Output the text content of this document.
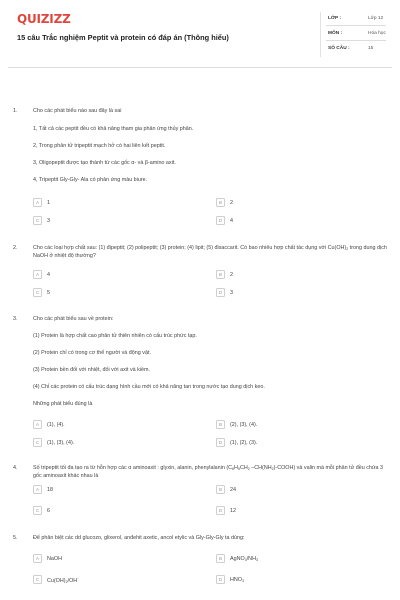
QUIZIZZ
15 câu Trắc nghiệm Peptit và protein có đáp án (Thông hiểu)
LỚP :	Lớp 12
MÔN :	Hóa học
SỐ CÂU :	15
1.	Cho các phát biểu nào sau đây là sai
1, Tất cả các peptit đều có khả năng tham gia phản ứng thủy phân.
2, Trong phân tử tripeptit mạch hở có hai liên kết peptit.
3, Oligopeptit được tạo thành từ các gốc α- và β-amino axit.
4, Tripeptit Gly-Gly- Ala có phản ứng màu biure.
A	1	B	2
C	3	D	4
2.	Cho các loại hợp chất sau: (1) đipeptit; (2) polipeptit; (3) protein; (4) lipit; (5) đisaccarit. Có bao nhiêu hợp chất tác dụng với $Cu(OH)_2$ trong dung dịch NaOH ở nhiệt độ thường?
A	4	B	2
C	5	D	3
3.	Cho các phát biểu sau về protein:
(1) Protein là hợp chất cao phân tử thiên nhiên có cấu trúc phức tạp.
(2) Protein chỉ có trong cơ thể người và động vật.
(3) Protein bền đối với nhiệt, đối với axit và kiềm.
(4) Chỉ các protein có cấu trúc dạng hình cầu mới có khả năng tan trong nước tạo dung dịch keo.
Những phát biểu đúng là
A	(1), (4).	B	(2), (3), (4).
C	(1), (3), (4).	D	(1), (2), (3).
4.	Số tripeptit tối đa tạo ra từ hỗn hợp các α aminoaxit : glyxin, alanin, phenylalanin ($C_6H_5CH_2$ $-CH(NH_2)-COOH$) và valin mà mỗi phân tử đều chứa 3 gốc aminoaxit khác nhau là
A	18	B	24
C	6	D	12
5.	Để phân biệt các dd glucozo, glixerol, anđehit axetic, ancol etylic và Gly-Gly-Gly ta dùng:
A	NaOH	B	$AgNO_3/NH_3$
C	$Cu(OH)_2/OH^-$	D	$HNO_3$
